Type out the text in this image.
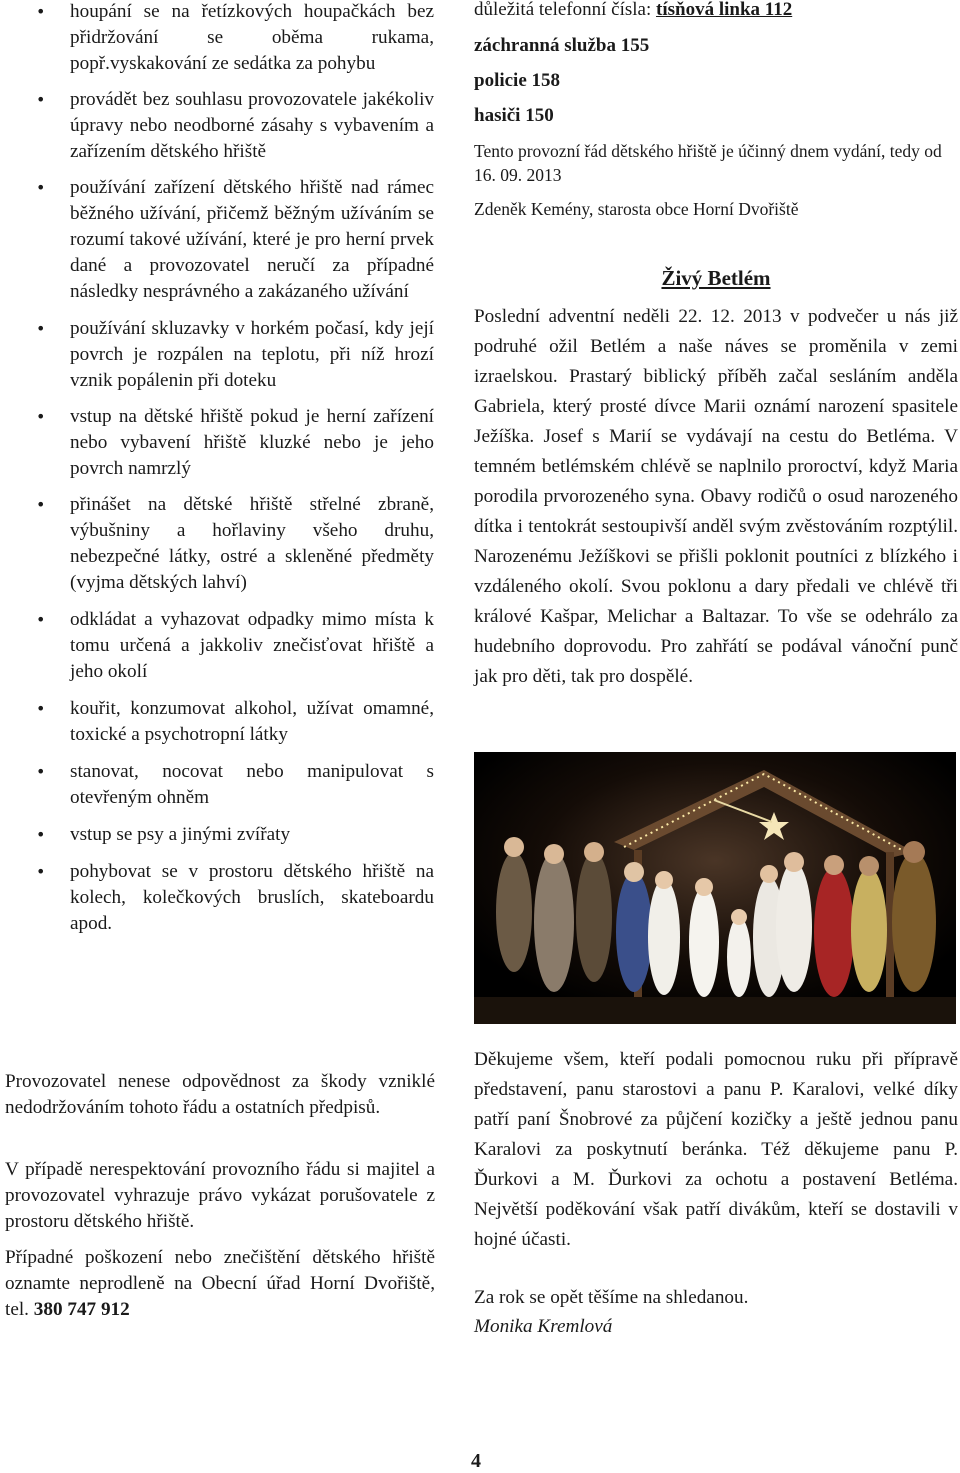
• houpání se na řetízkových houpačkách bez přidržování se oběma rukama, popř.vyskakování ze sedátka za pohybu
• provádět bez souhlasu provozovatele jakékoliv úpravy nebo neodborné zásahy s vybavením a zařízením dětského hřiště
• používání zařízení dětského hřiště nad rámec běžného užívání, přičemž běžným užíváním se rozumí takové užívání, které je pro herní prvek dané a provozovatel neručí za případné následky nesprávného a zakázaného užívání
• používání skluzavky v horkém počasí, kdy její povrch je rozpálen na teplotu, při níž hrozí vznik popálenin při doteku
• vstup na dětské hřiště pokud je herní zařízení nebo vybavení hřiště kluzké nebo je jeho povrch namrzlý
• přinášet na dětské hřiště střelné zbraně, výbušniny a hořlaviny všeho druhu, nebezpečné látky, ostré a skleněné předměty (vyjma dětských lahví)
• odkládat a vyhazovat odpadky mimo místa k tomu určená a jakkoliv znečisťovat hřiště a jeho okolí
• kouřit, konzumovat alkohol, užívat omamné, toxické a psychotropní látky
• stanovat, nocovat nebo manipulovat s otevřeným ohněm
• vstup se psy a jinými zvířaty
• pohybovat se v prostoru dětského hřiště na kolech, kolečkových bruslích, skateboardu apod.

Provozovatel nenese odpovědnost za škody vzniklé nedodržováním tohoto řádu a ostatních předpisů.

V případě nerespektování provozního řádu si majitel a provozovatel vyhrazuje právo vykázat porušovatele z prostoru dětského hřiště.

Případné poškození nebo znečištění dětského hřiště oznamte neprodleně na Obecní úřad Horní Dvořiště, tel. 380 747 912

důležitá telefonní čísla: tísňová linka 112
záchranná služba 155
policie 158
hasiči 150
Tento provozní řád dětského hřiště je účinný dnem vydání, tedy od 16. 09. 2013
Zdeněk Kemény, starosta obce Horní Dvořiště
Živý Betlém

Poslední adventní neděli 22. 12. 2013 v podvečer u nás již podruhé ožil Betlém a naše náves se proměnila v zemi izraelskou. Prastarý biblický příběh začal sesláním anděla Gabriela, který prosté dívce Marii oznámí narození spasitele Ježíška. Josef s Marií se vydávají na cestu do Betléma. V temném betlémském chlévě se naplnilo proroctví, když Maria porodila prvorozeného syna. Obavy rodičů o osud narozeného dítka i tentokrát sestoupivší anděl svým zvěstováním rozptýlil. Narozenému Ježíškovi se přišli poklonit poutníci z blízkého i vzdáleného okolí. Svou poklonu a dary předali ve chlévě tři králové Kašpar, Melichar a Baltazar. To vše se odehrálo za hudebního doprovodu. Pro zahřátí se podával vánoční punč jak pro děti, tak pro dospělé.

Děkujeme všem, kteří podali pomocnou ruku při přípravě představení, panu starostovi a panu P. Karalovi, velké díky patří paní Šnobrové za půjčení kozičky a ještě jednou panu Karalovi za poskytnutí beránka. Též děkujeme panu P. Ďurkovi a M. Ďurkovi za ochotu a postavení Betléma. Největší poděkování však patří divákům, kteří se dostavili v hojné účasti.

Za rok se opět těšíme na shledanou.
Monika Kremlová
4
